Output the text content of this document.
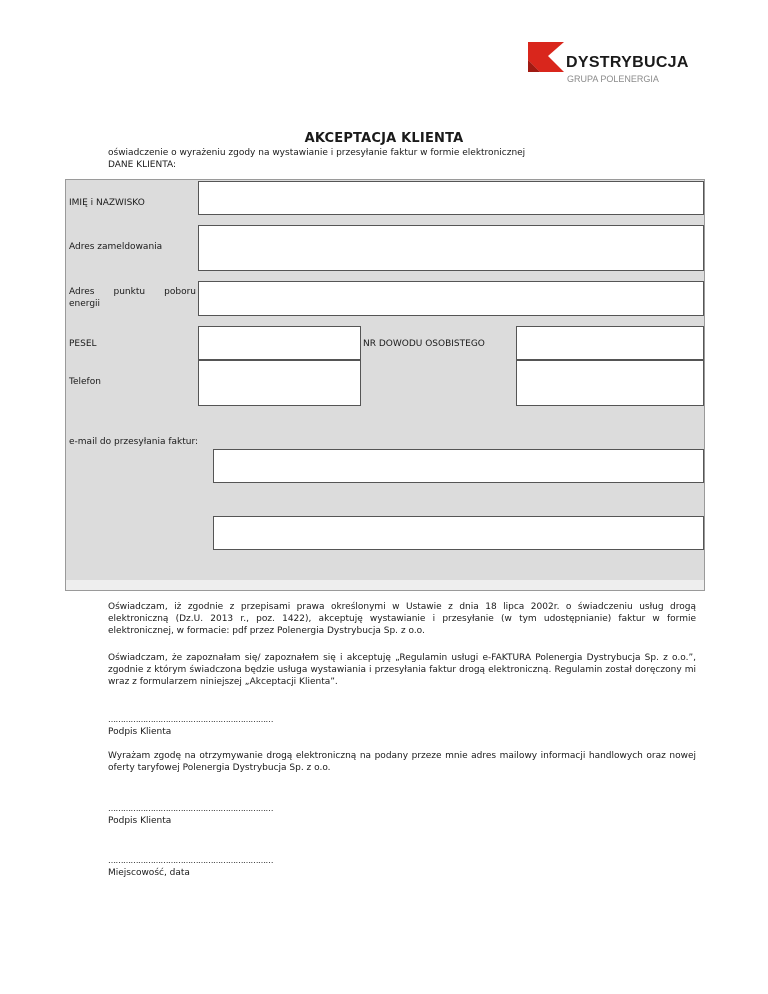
DYSTRYBUCJA
GRUPA POLENERGIA
AKCEPTACJA KLIENTA
oświadczenie o wyrażeniu zgody na wystawianie i przesyłanie faktur w formie elektronicznej
DANE KLIENTA:
IMIĘ i NAZWISKO
Adres zameldowania
Adres punktu poboru
energii
PESEL	NR DOWODU OSOBISTEGO
Telefon
e-mail do przesyłania faktur:
Oświadczam, iż zgodnie z przepisami prawa określonymi w Ustawie z dnia 18 lipca 2002r. o świadczeniu usług drogą elektroniczną (Dz.U. 2013 r., poz. 1422), akceptuję wystawianie i przesyłanie (w tym udostępnianie) faktur w formie elektronicznej, w formacie: pdf przez Polenergia Dystrybucja Sp. z o.o.
Oświadczam, że zapoznałam się/ zapoznałem się i akceptuję „Regulamin usługi e-FAKTURA Polenergia Dystrybucja Sp. z o.o.”, zgodnie z którym świadczona będzie usługa wystawiania i przesyłania faktur drogą elektroniczną. Regulamin został doręczony mi wraz z formularzem niniejszej „Akceptacji Klienta”.
…………………………………………………………
Podpis Klienta
Wyrażam zgodę na otrzymywanie drogą elektroniczną na podany przeze mnie adres mailowy informacji handlowych oraz nowej oferty taryfowej Polenergia Dystrybucja Sp. z o.o.
…………………………………………………………
Podpis Klienta
…………………………………………………………
Miejscowość, data
